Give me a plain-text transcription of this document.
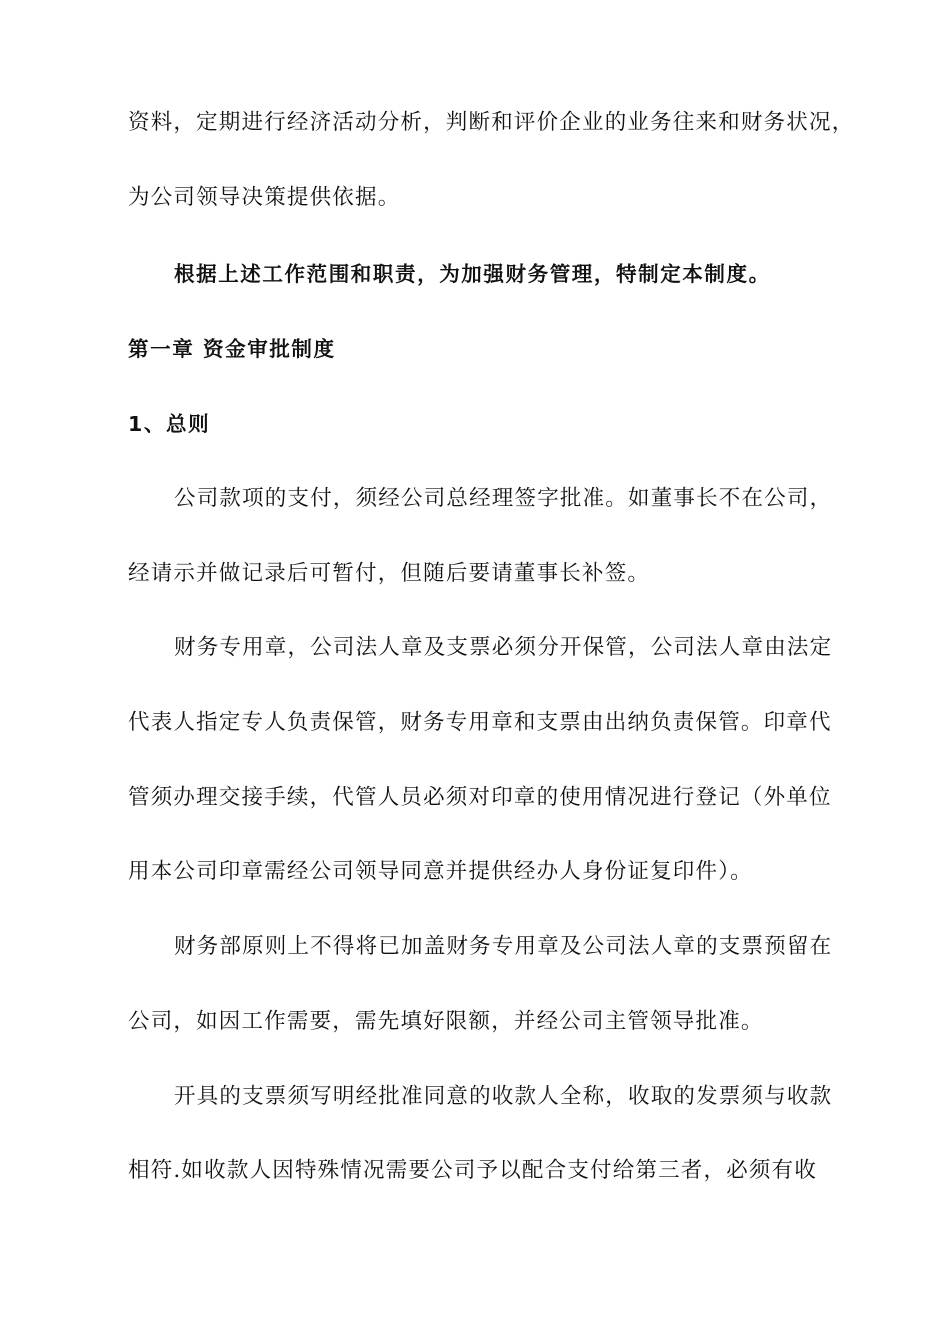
资料，定期进行经济活动分析，判断和评价企业的业务往来和财务状况，
为公司领导决策提供依据。
根据上述工作范围和职责，为加强财务管理，特制定本制度。
第一章 资金审批制度
1、总则
公司款项的支付，须经公司总经理签字批准。如董事长不在公司，
经请示并做记录后可暂付，但随后要请董事长补签。
财务专用章，公司法人章及支票必须分开保管，公司法人章由法定
代表人指定专人负责保管，财务专用章和支票由出纳负责保管。印章代
管须办理交接手续，代管人员必须对印章的使用情况进行登记（外单位
用本公司印章需经公司领导同意并提供经办人身份证复印件）。
财务部原则上不得将已加盖财务专用章及公司法人章的支票预留在
公司，如因工作需要，需先填好限额，并经公司主管领导批准。
开具的支票须写明经批准同意的收款人全称，收取的发票须与收款
相符.如收款人因特殊情况需要公司予以配合支付给第三者，必须有收
